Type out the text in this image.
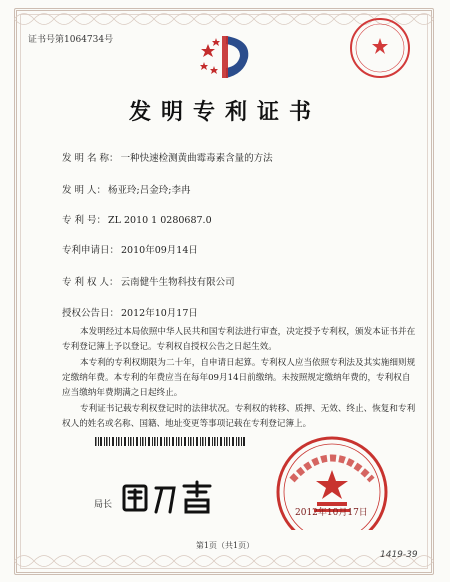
证书号第1064734号
发明专利证书
发 明 名 称： 一种快速检测黄曲霉毒素含量的方法
发 明 人： 杨亚玲;吕金玲;李冉
专 利 号： ZL 2010 1 0280687.0
专利申请日： 2010年09月14日
专 利 权 人： 云南健牛生物科技有限公司
授权公告日： 2012年10月17日
本发明经过本局依照中华人民共和国专利法进行审查，决定授予专利权，颁发本证书并在专利登记簿上予以登记。专利权自授权公告之日起生效。
本专利的专利权期限为二十年，自申请日起算。专利权人应当依照专利法及其实施细则规定缴纳年费。本专利的年费应当在每年09月14日前缴纳。未按照规定缴纳年费的，专利权自应当缴纳年费期满之日起终止。
专利证书记载专利权登记时的法律状况。专利权的转移、质押、无效、终止、恢复和专利权人的姓名或名称、国籍、地址变更等事项记载在专利登记簿上。
局长
2012年10月17日
第1页（共1页）
1419-39
